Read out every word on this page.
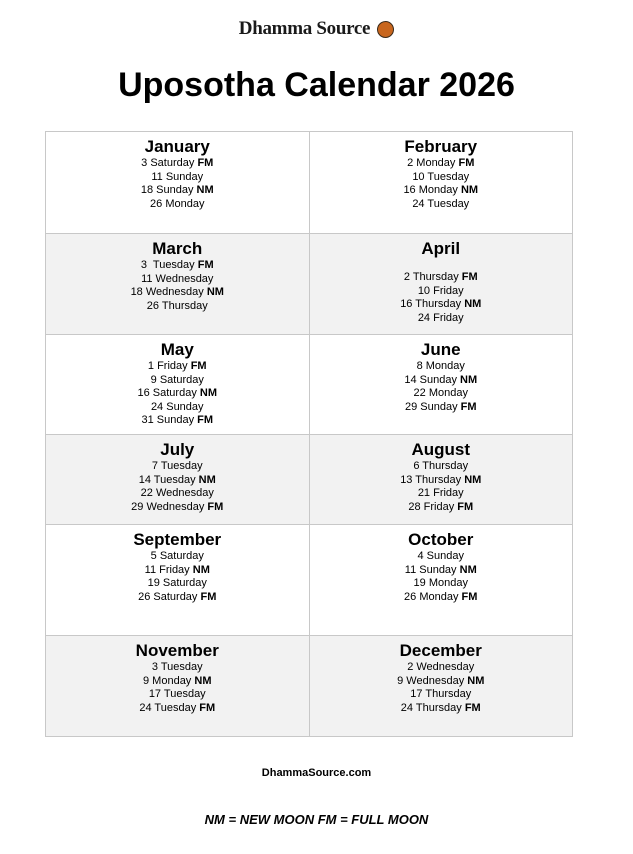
Dhamma Source
Uposotha Calendar 2026
January
3 Saturday FM
11 Sunday
18 Sunday NM
26 Monday

February
2 Monday FM
10 Tuesday
16 Monday NM
24 Tuesday

March
3  Tuesday FM
11 Wednesday
18 Wednesday NM
26 Thursday

April
2 Thursday FM
10 Friday
16 Thursday NM
24 Friday

May
1 Friday FM
9 Saturday
16 Saturday NM
24 Sunday
31 Sunday FM

June
8 Monday
14 Sunday NM
22 Monday
29 Sunday FM

July
7 Tuesday
14 Tuesday NM
22 Wednesday
29 Wednesday FM

August
6 Thursday
13 Thursday NM
21 Friday
28 Friday FM

September
5 Saturday
11 Friday NM
19 Saturday
26 Saturday FM

October
4 Sunday
11 Sunday NM
19 Monday
26 Monday FM

November
3 Tuesday
9 Monday NM
17 Tuesday
24 Tuesday FM

December
2 Wednesday
9 Wednesday NM
17 Thursday
24 Thursday FM
DhammaSource.com
NM = NEW MOON FM = FULL MOON
